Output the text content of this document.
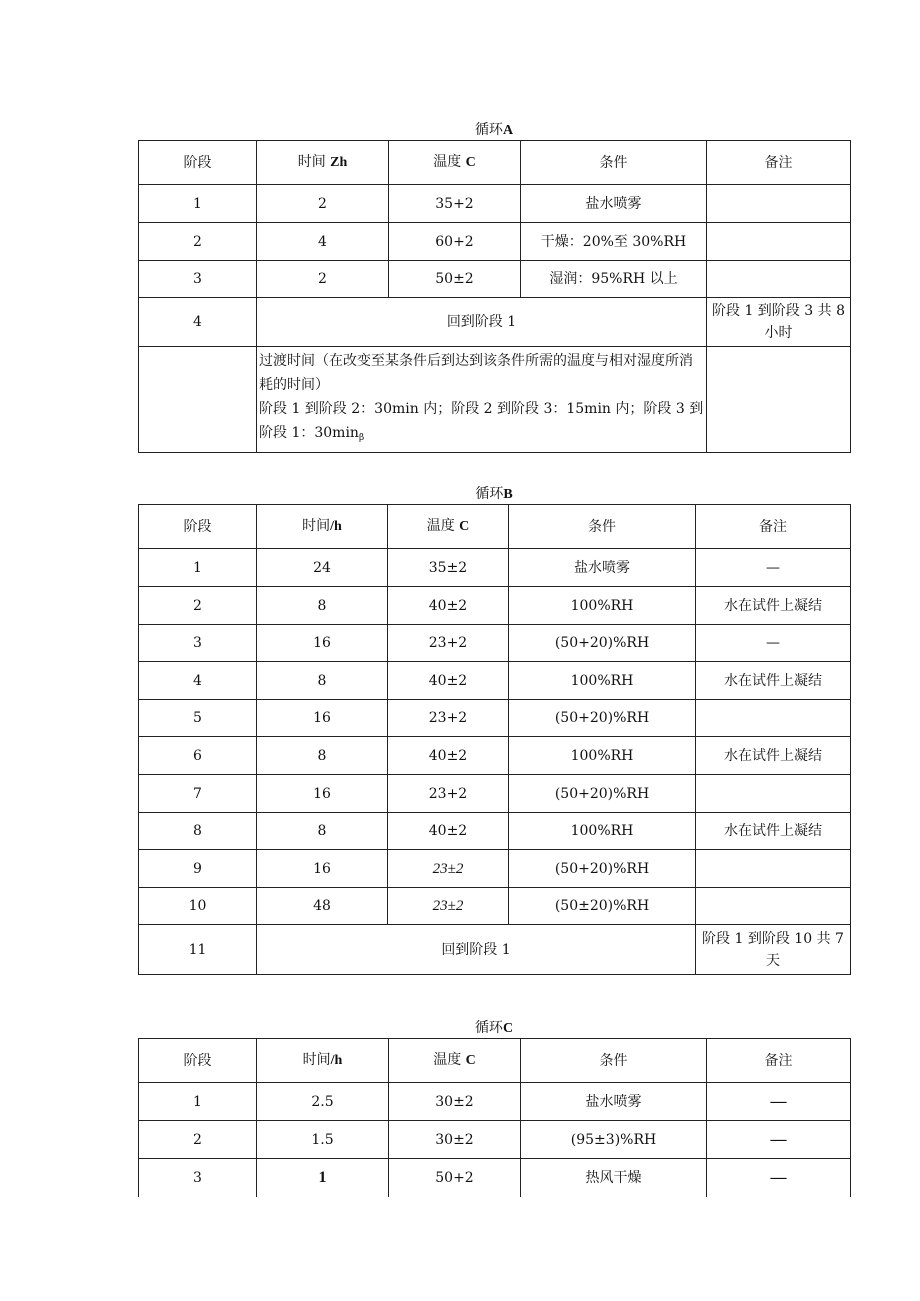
循环A
阶段	时间 Zh	温度 C	条件	备注
1	2	35+2	盐水喷雾	
2	4	60+2	干燥：20%至 30%RH	
3	2	50±2	湿润：95%RH 以上	
4	回到阶段 1			阶段 1 到阶段 3 共 8 小时

	过渡时间（在改变至某条件后到达到该条件所需的温度与相对湿度所消耗的时间）
阶段 1 到阶段 2：30min 内；阶段 2 到阶段 3：15min 内；阶段 3 到阶段 1：$30\min_\beta$

循环B
阶段	时间/h	温度 C	条件	备注
1	24	35±2	盐水喷雾	—
2	8	40±2	100%RH	水在试件上凝结
3	16	23+2	(50+20)%RH	—
4	8	40±2	100%RH	水在试件上凝结
5	16	23+2	(50+20)%RH	
6	8	40±2	100%RH	水在试件上凝结
7	16	23+2	(50+20)%RH	
8	8	40±2	100%RH	水在试件上凝结
9	16	23±2	(50+20)%RH	
10	48	23±2	(50±20)%RH	
11	回到阶段 1			阶段 1 到阶段 10 共 7 天
循环C
阶段	时间/h	温度 C	条件	备注
1	2.5	30±2	盐水喷雾	—
2	1.5	30±2	(95±3)%RH	—
3	1	50+2	热风干燥	—
